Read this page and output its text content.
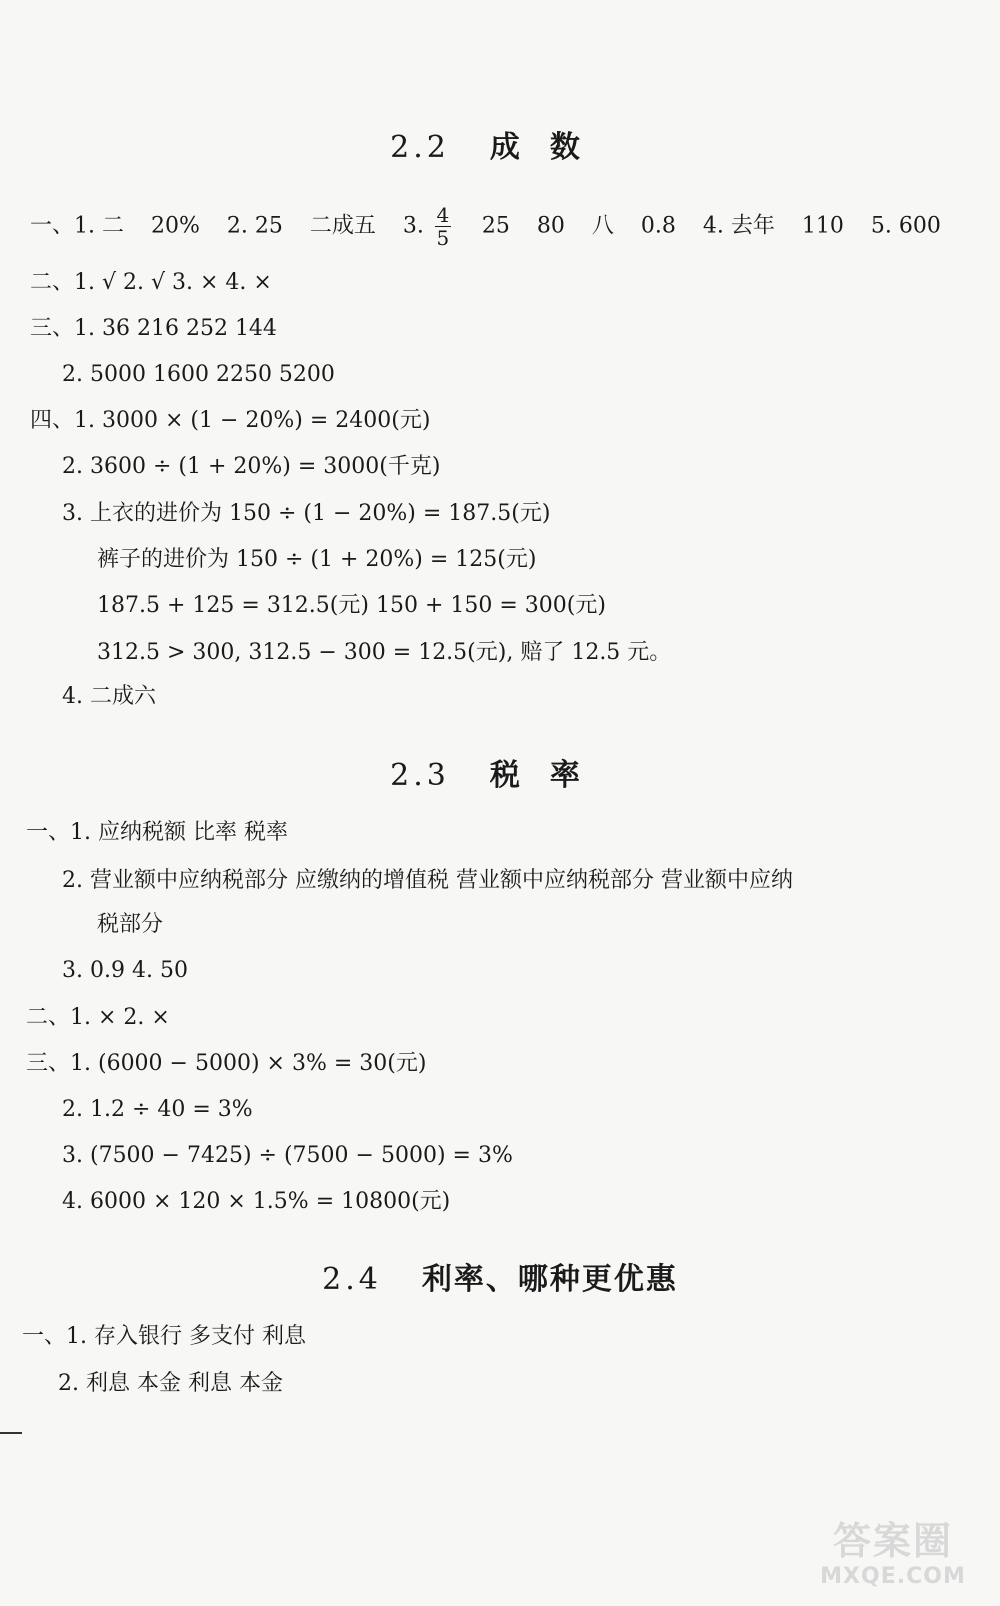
2.2 成数
一、1. 二 20% 2. 25 二成五 3. $\frac{4}{5} 25$ 80 八 0.8 4. 去年 110 5. 600
二、1. √ 2. √ 3. × 4. ×
三、1. 36 216 252 144
2. 5000 1600 2250 5200
四、1. 3000 × (1 − 20%) = 2400(元)
2. 3600 ÷ (1 + 20%) = 3000(千克)
3. 上衣的进价为 150 ÷ (1 − 20%) = 187.5(元)
裤子的进价为 150 ÷ (1 + 20%) = 125(元)
187.5 + 125 = 312.5(元) 150 + 150 = 300(元)
312.5 > 300, 312.5 − 300 = 12.5(元), 赔了 12.5 元。
4. 二成六
2.3 税率
一、1. 应纳税额 比率 税率
2. 营业额中应纳税部分 应缴纳的增值税 营业额中应纳税部分 营业额中应纳
税部分
3. 0.9 4. 50
二、1. × 2. ×
三、1. (6000 − 5000) × 3% = 30(元)
2. 1.2 ÷ 40 = 3%
3. (7500 − 7425) ÷ (7500 − 5000) = 3%
4. 6000 × 120 × 1.5% = 10800(元)
2.4 利率、哪种更优惠
一、1. 存入银行 多支付 利息
2. 利息 本金 利息 本金
答案圈
MXQE.COM
